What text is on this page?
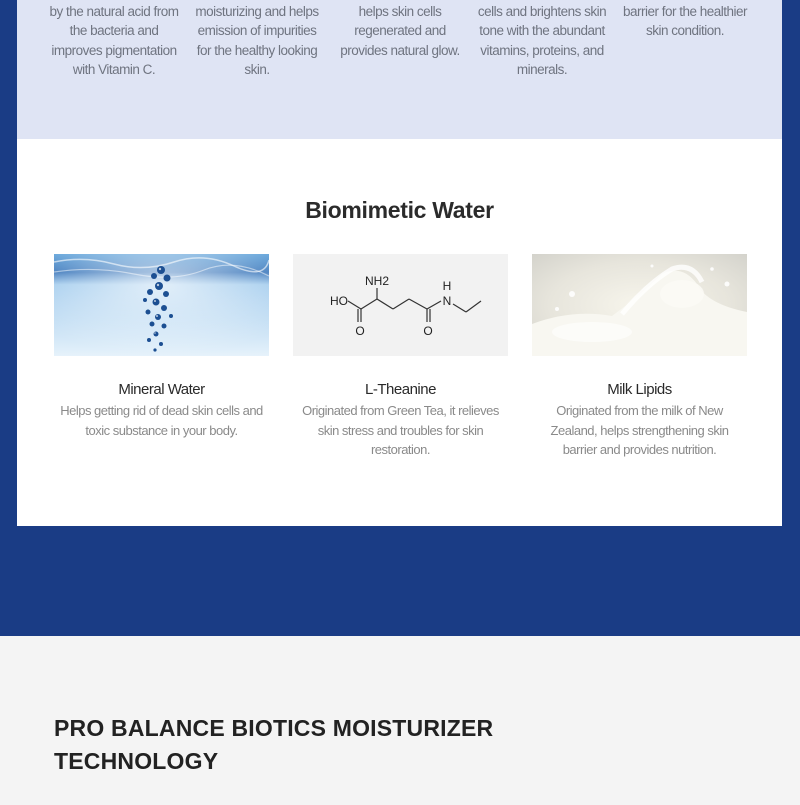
by the natural acid from the bacteria and improves pigmentation with Vitamin C.

moisturizing and helps emission of impurities for the healthy looking skin.

helps skin cells regenerated and provides natural glow.

cells and brightens skin tone with the abundant vitamins, proteins, and minerals.

barrier for the healthier skin condition.

Biomimetic Water
Mineral Water

Helps getting rid of dead skin cells and toxic substance in your body.

NH2	H
N
HO
O	O
L-Theanine

Originated from Green Tea, it relieves skin stress and troubles for skin restoration.

Milk Lipids

Originated from the milk of New Zealand, helps strengthening skin barrier and provides nutrition.

PRO BALANCE BIOTICS MOISTURIZER TECHNOLOGY
